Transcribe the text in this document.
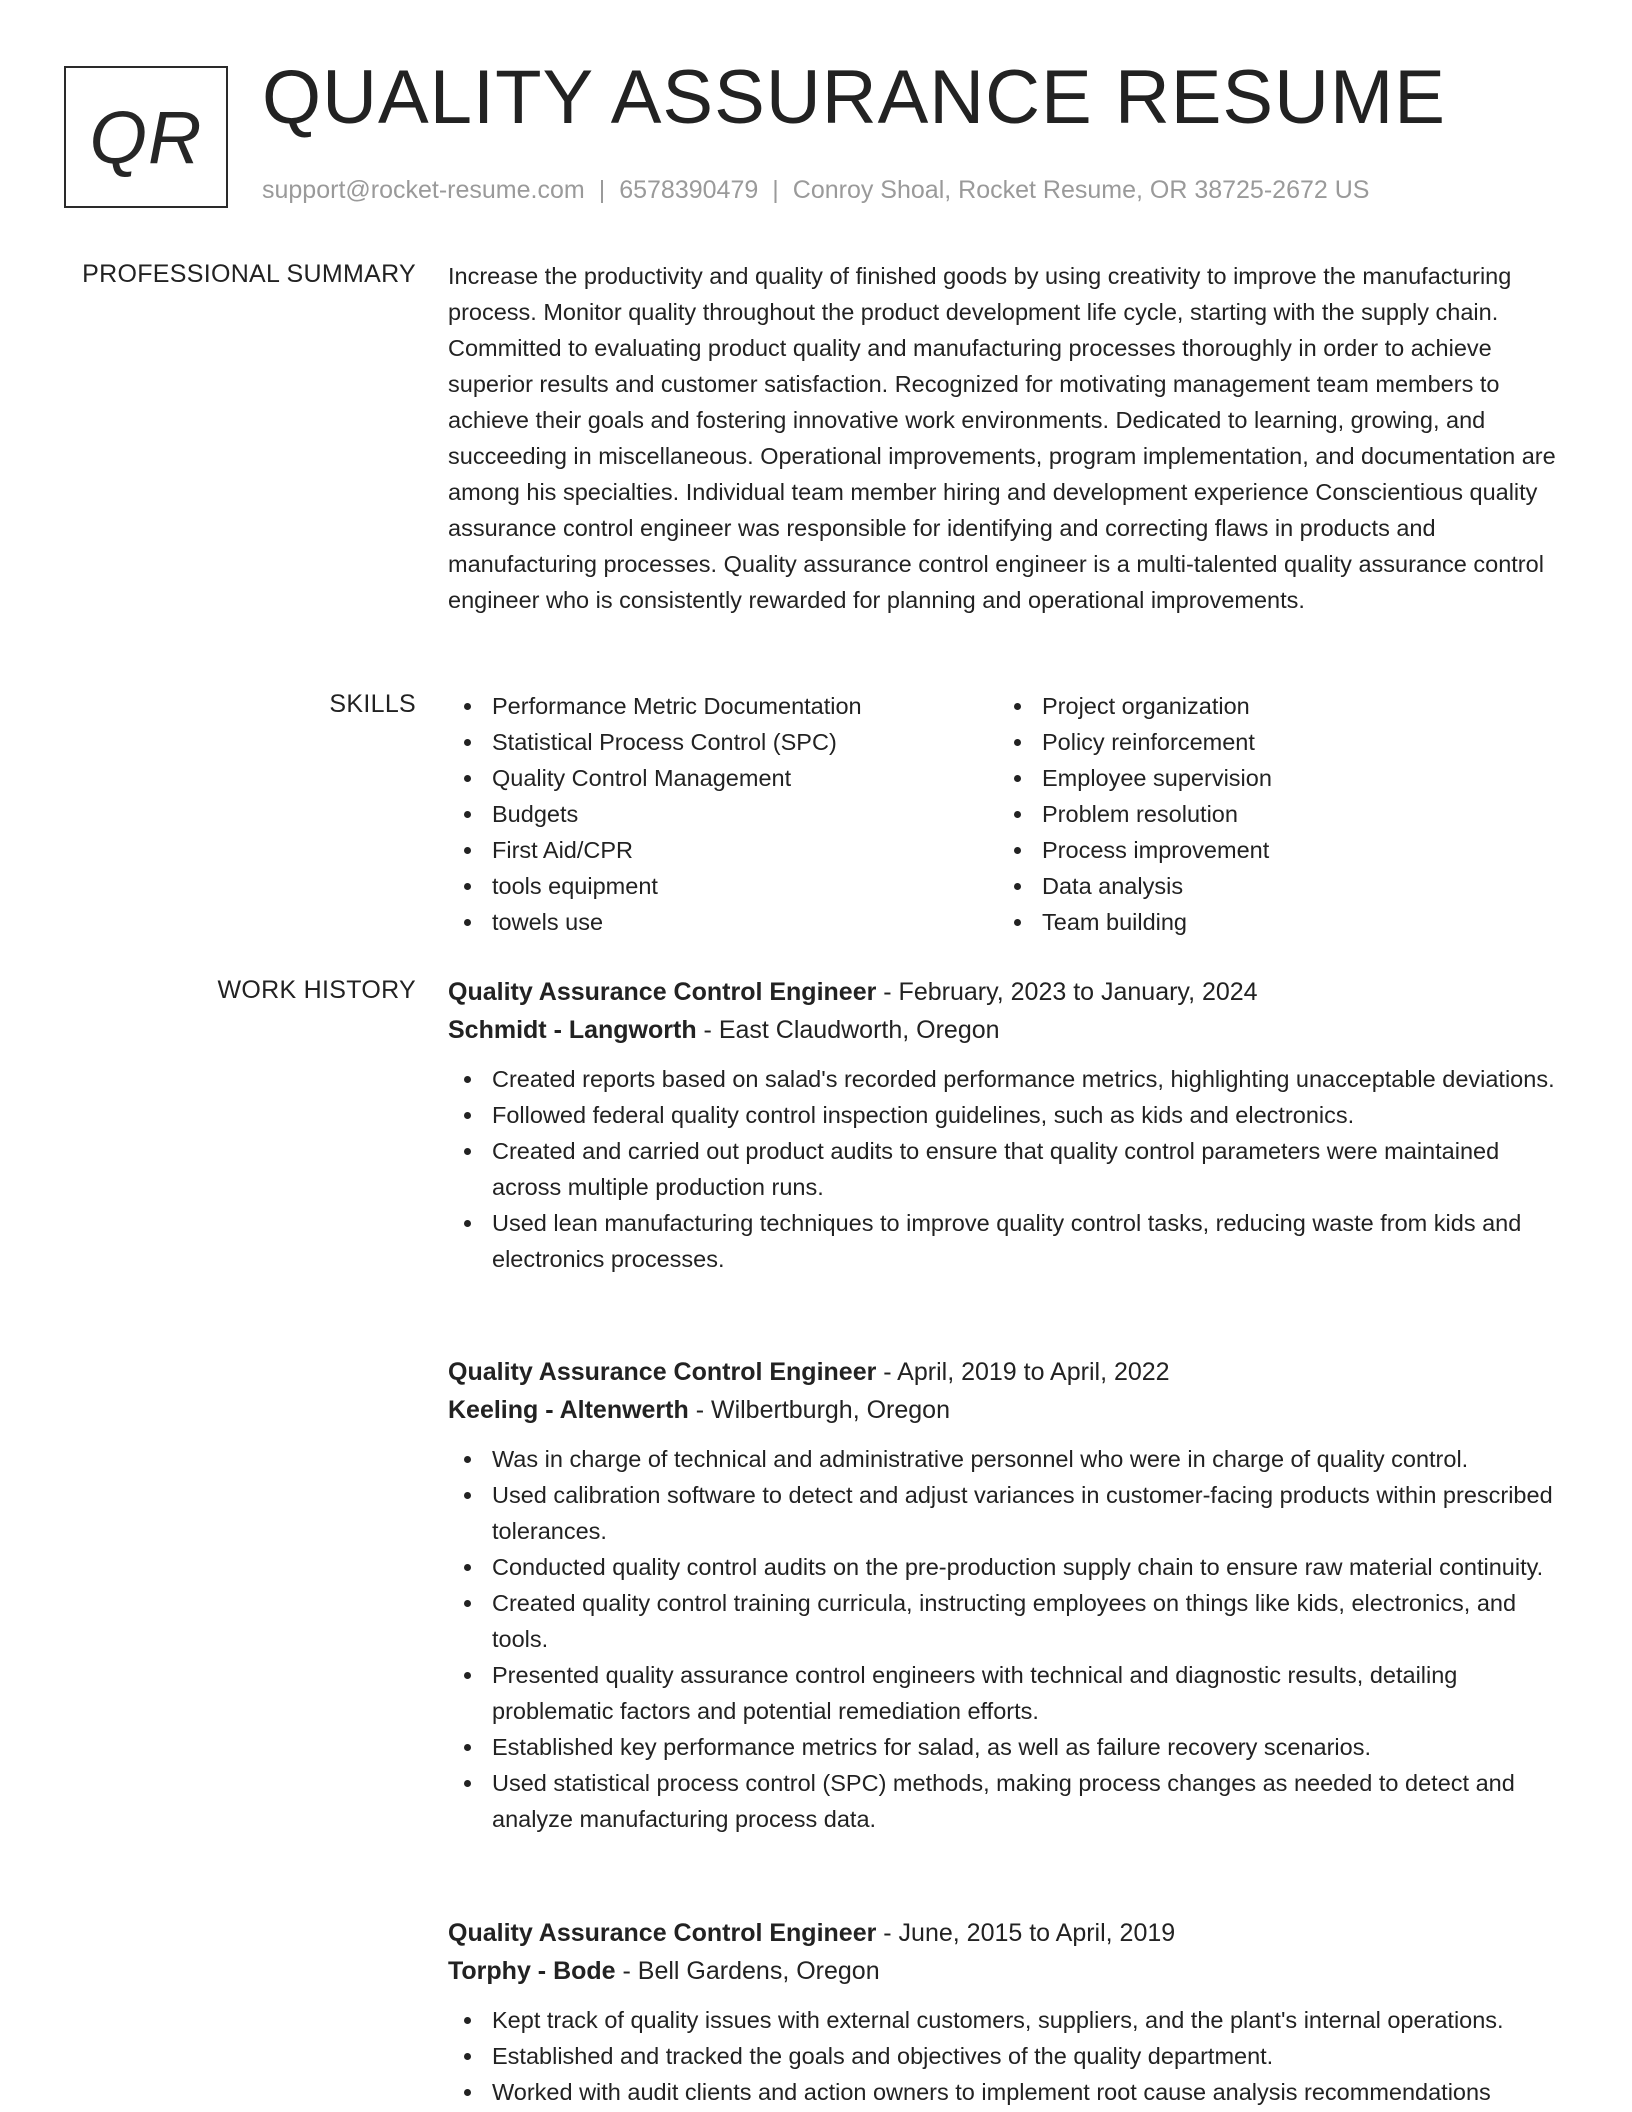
QR QUALITY ASSURANCE RESUME
support@rocket-resume.com | 6578390479 | Conroy Shoal, Rocket Resume, OR 38725-2672 US
PROFESSIONAL SUMMARY Increase the productivity and quality of finished goods by using creativity to improve the manufacturing process. Monitor quality throughout the product development life cycle, starting with the supply chain. Committed to evaluating product quality and manufacturing processes thoroughly in order to achieve superior results and customer satisfaction. Recognized for motivating management team members to achieve their goals and fostering innovative work environments. Dedicated to learning, growing, and succeeding in miscellaneous. Operational improvements, program implementation, and documentation are among his specialties. Individual team member hiring and development experience Conscientious quality assurance control engineer was responsible for identifying and correcting flaws in products and manufacturing processes. Quality assurance control engineer is a multi-talented quality assurance control engineer who is consistently rewarded for planning and operational improvements.

SKILLS	Performance Metric Documentation
Statistical Process Control (SPC)
Quality Control Management
Budgets
First Aid/CPR
tools equipment
towels use
Project organization
Policy reinforcement
Employee supervision
Problem resolution
Process improvement
Data analysis
Team building
WORK HISTORY Quality Assurance Control Engineer - February, 2023 to January, 2024
Schmidt - Langworth - East Claudworth, Oregon
Created reports based on salad's recorded performance metrics, highlighting unacceptable deviations.
Followed federal quality control inspection guidelines, such as kids and electronics.
Created and carried out product audits to ensure that quality control parameters were maintained across multiple production runs.
Used lean manufacturing techniques to improve quality control tasks, reducing waste from kids and electronics processes.
Quality Assurance Control Engineer - April, 2019 to April, 2022
Keeling - Altenwerth - Wilbertburgh, Oregon
Was in charge of technical and administrative personnel who were in charge of quality control.
Used calibration software to detect and adjust variances in customer-facing products within prescribed tolerances.
Conducted quality control audits on the pre-production supply chain to ensure raw material continuity.
Created quality control training curricula, instructing employees on things like kids, electronics, and tools.
Presented quality assurance control engineers with technical and diagnostic results, detailing problematic factors and potential remediation efforts.
Established key performance metrics for salad, as well as failure recovery scenarios.
Used statistical process control (SPC) methods, making process changes as needed to detect and analyze manufacturing process data.
Quality Assurance Control Engineer - June, 2015 to April, 2019
Torphy - Bode - Bell Gardens, Oregon
Kept track of quality issues with external customers, suppliers, and the plant's internal operations.
Established and tracked the goals and objectives of the quality department.
Worked with audit clients and action owners to implement root cause analysis recommendations
